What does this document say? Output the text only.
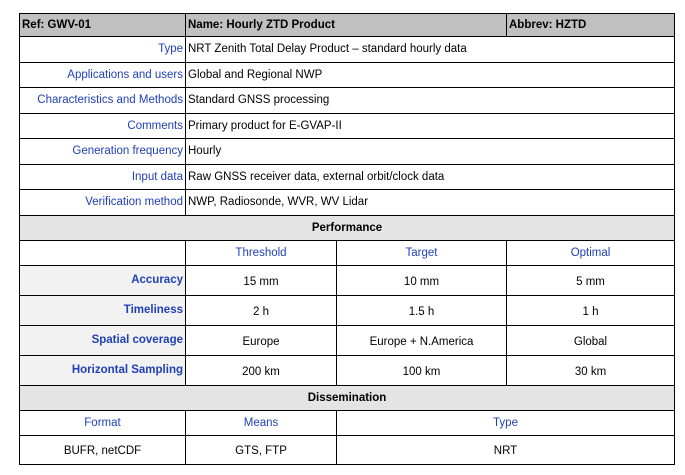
Ref: GWV-01	Name: Hourly ZTD Product		Abbrev: HZTD
Type	NRT Zenith Total Delay Product – standard hourly data		
Applications and users	Global and Regional NWP		
Characteristics and Methods	Standard GNSS processing		
Comments	Primary product for E-GVAP-II		
Generation frequency	Hourly		
Input data	Raw GNSS receiver data, external orbit/clock data		
Verification method	NWP, Radiosonde, WVR, WV Lidar		
Performance			
	Threshold	Target	Optimal
Accuracy	15 mm	10 mm	5 mm
Timeliness	2 h	1.5 h	1 h
Spatial coverage	Europe	Europe + N.America	Global
Horizontal Sampling	200 km	100 km	30 km
Dissemination			
Format	Means	Type	
BUFR, netCDF	GTS, FTP	NRT	
